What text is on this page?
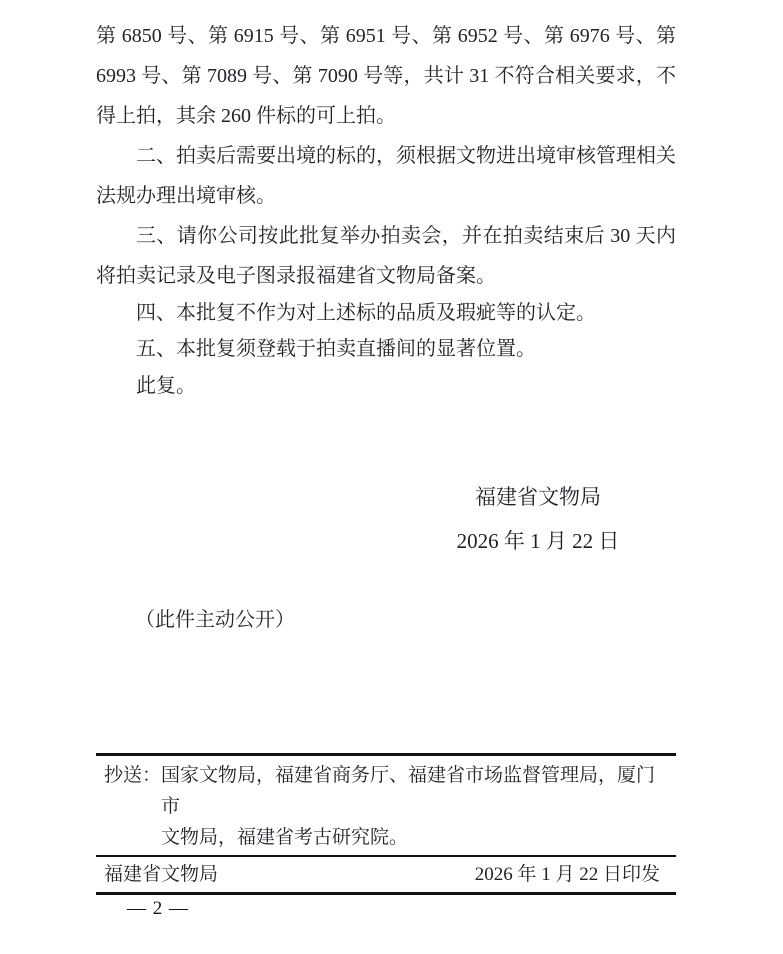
第 6850 号、第 6915 号、第 6951 号、第 6952 号、第 6976 号、第 6993 号、第 7089 号、第 7090 号等，共计 31 不符合相关要求，不得上拍，其余 260 件标的可上拍。
二、拍卖后需要出境的标的，须根据文物进出境审核管理相关法规办理出境审核。
三、请你公司按此批复举办拍卖会，并在拍卖结束后 30 天内将拍卖记录及电子图录报福建省文物局备案。
四、本批复不作为对上述标的品质及瑕疵等的认定。
五、本批复须登载于拍卖直播间的显著位置。
此复。
福建省文物局
2026 年 1 月 22 日
（此件主动公开）
抄送： 国家文物局，福建省商务厅、福建省市场监督管理局，厦门市
文物局，福建省考古研究院。
福建省文物局	2026 年 1 月 22 日印发
— 2 —
